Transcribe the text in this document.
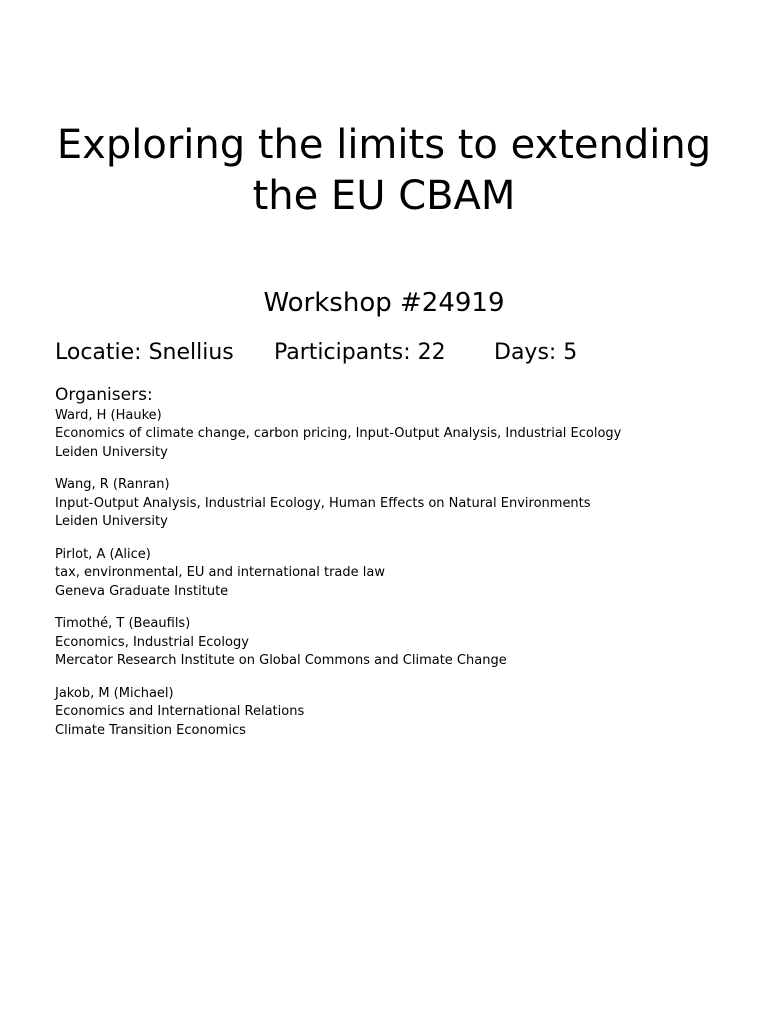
Exploring the limits to extending
the EU CBAM
Workshop #24919
Locatie: Snellius Participants: 22 Days: 5
Organisers:
Ward, H (Hauke)
Economics of climate change, carbon pricing, Input-Output Analysis, Industrial Ecology
Leiden University
Wang, R (Ranran)
Input-Output Analysis, Industrial Ecology, Human Effects on Natural Environments
Leiden University
Pirlot, A (Alice)
tax, environmental, EU and international trade law
Geneva Graduate Institute
Timothé, T (Beaufils)
Economics, Industrial Ecology
Mercator Research Institute on Global Commons and Climate Change
Jakob, M (Michael)
Economics and International Relations
Climate Transition Economics
